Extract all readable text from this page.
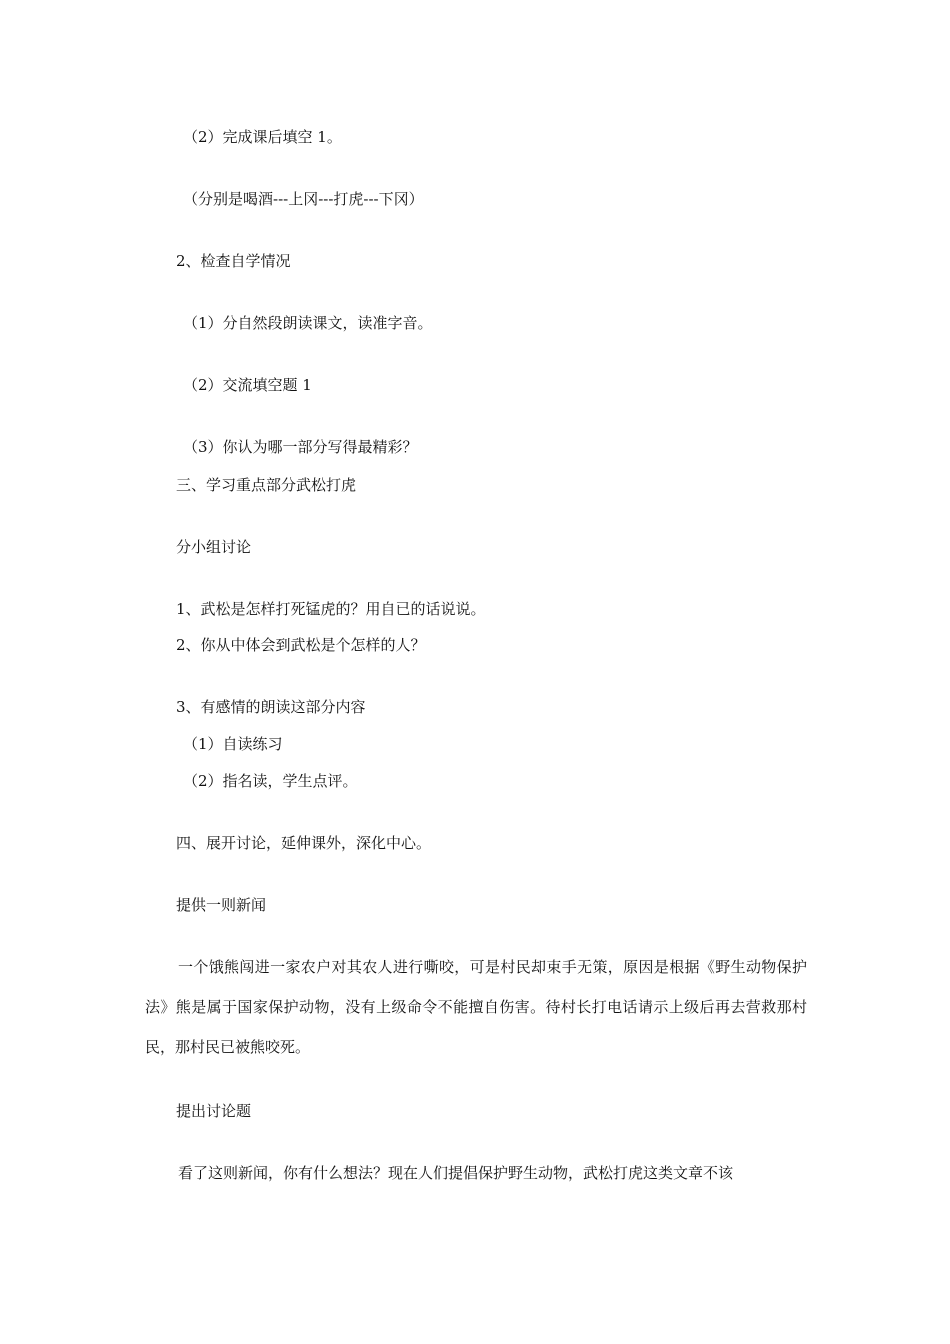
（2）完成课后填空 1。
（分别是喝酒---上冈---打虎---下冈）
2、检查自学情况
（1）分自然段朗读课文，读准字音。
（2）交流填空题 1
（3）你认为哪一部分写得最精彩？
三、学习重点部分武松打虎
分小组讨论
1、武松是怎样打死锰虎的？用自已的话说说。
2、你从中体会到武松是个怎样的人？
3、有感情的朗读这部分内容
（1）自读练习
（2）指名读，学生点评。
四、展开讨论，延伸课外，深化中心。
提供一则新闻
一个饿熊闯进一家农户对其农人进行嘶咬，可是村民却束手无策，原因是根据《野生动物保护法》熊是属于国家保护动物，没有上级命令不能擅自伤害。待村长打电话请示上级后再去营救那村民，那村民已被熊咬死。
提出讨论题
看了这则新闻，你有什么想法？现在人们提倡保护野生动物，武松打虎这类文章不该
